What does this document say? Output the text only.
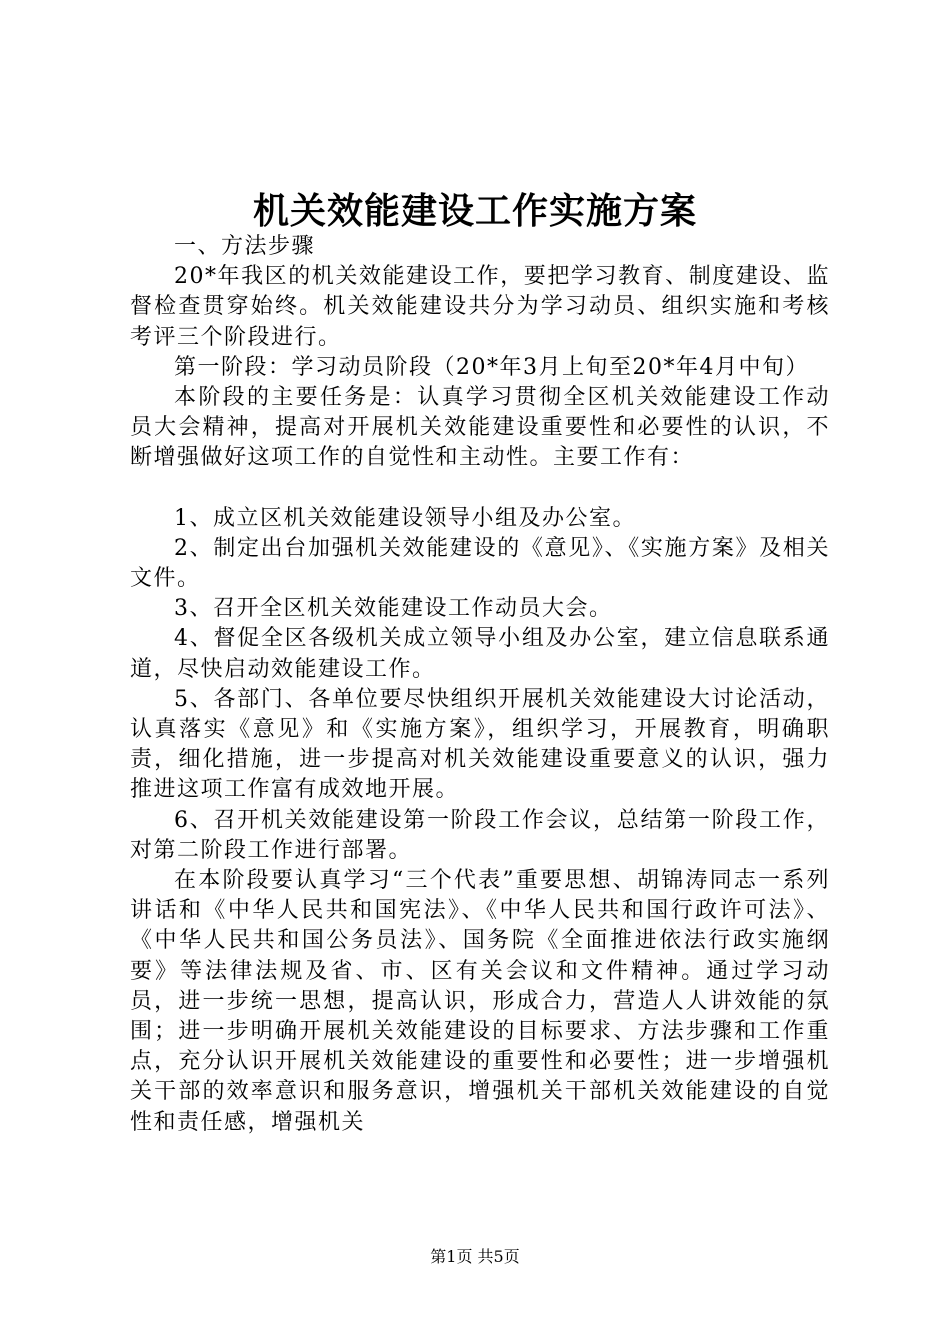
机关效能建设工作实施方案

一、方法步骤

20*年我区的机关效能建设工作，要把学习教育、制度建设、监督检查贯穿始终。机关效能建设共分为学习动员、组织实施和考核考评三个阶段进行。

第一阶段：学习动员阶段（20*年3月上旬至20*年4月中旬）

本阶段的主要任务是：认真学习贯彻全区机关效能建设工作动员大会精神，提高对开展机关效能建设重要性和必要性的认识，不断增强做好这项工作的自觉性和主动性。主要工作有：

1、成立区机关效能建设领导小组及办公室。

2、制定出台加强机关效能建设的《意见》、《实施方案》及相关文件。

3、召开全区机关效能建设工作动员大会。

4、督促全区各级机关成立领导小组及办公室，建立信息联系通道，尽快启动效能建设工作。

5、各部门、各单位要尽快组织开展机关效能建设大讨论活动，认真落实《意见》和《实施方案》，组织学习，开展教育，明确职责，细化措施，进一步提高对机关效能建设重要意义的认识，强力推进这项工作富有成效地开展。

6、召开机关效能建设第一阶段工作会议，总结第一阶段工作，对第二阶段工作进行部署。

在本阶段要认真学习“三个代表”重要思想、胡锦涛同志一系列讲话和《中华人民共和国宪法》、《中华人民共和国行政许可法》、《中华人民共和国公务员法》、国务院《全面推进依法行政实施纲要》等法律法规及省、市、区有关会议和文件精神。通过学习动员，进一步统一思想，提高认识，形成合力，营造人人讲效能的氛围；进一步明确开展机关效能建设的目标要求、方法步骤和工作重点，充分认识开展机关效能建设的重要性和必要性；进一步增强机关干部的效率意识和服务意识，增强机关干部机关效能建设的自觉性和责任感，增强机关

第1页 共5页
